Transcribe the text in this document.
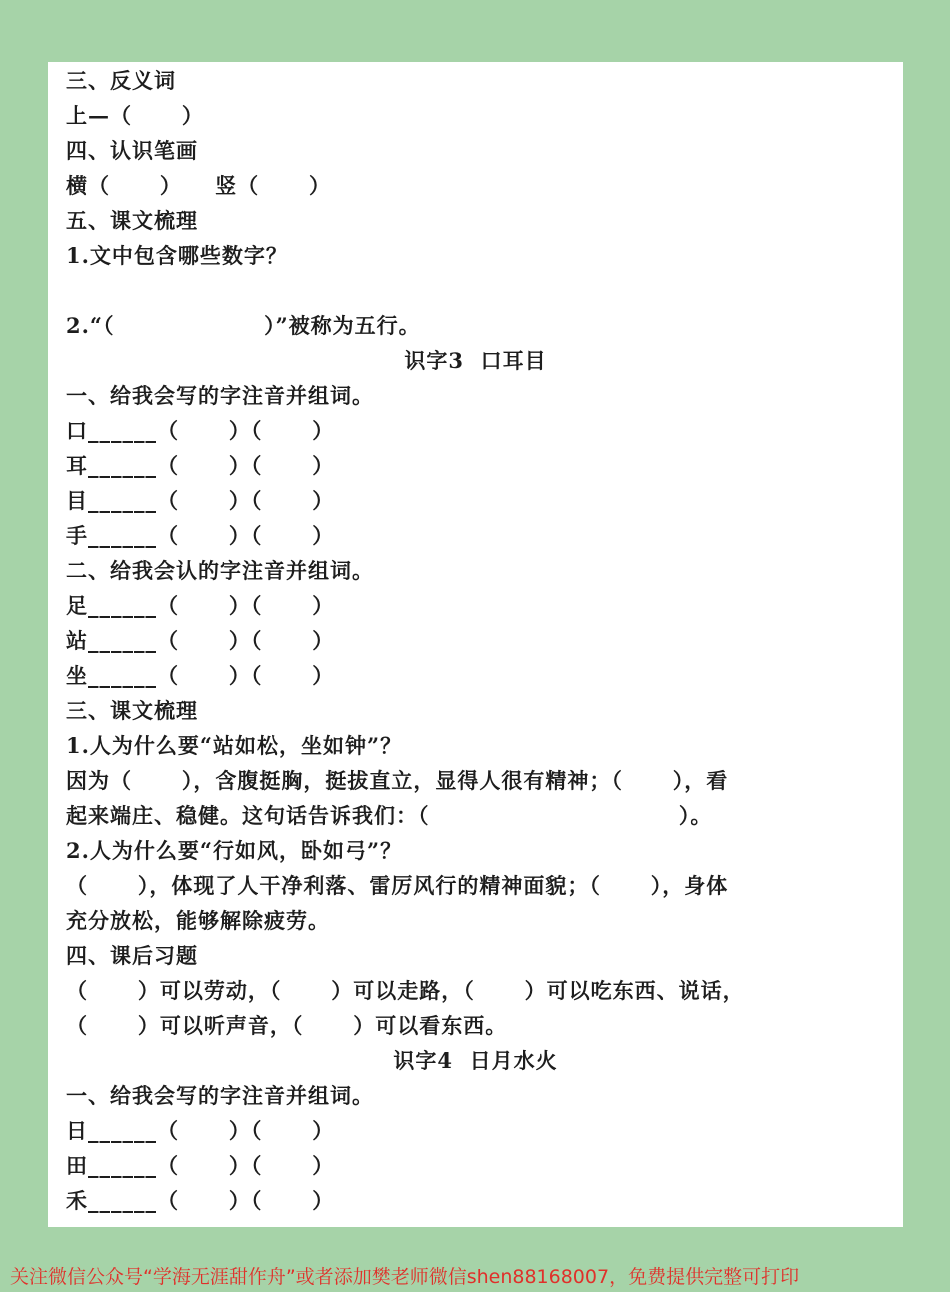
三、反义词
上—（      ）
四、认识笔画
横（      ）    竖（      ）
五、课文梳理
1.文中包含哪些数字？
2.“（                  ）”被称为五行。
识字3  口耳目
一、给我会写的字注音并组词。
口______（      ）（      ）
耳______（      ）（      ）
目______（      ）（      ）
手______（      ）（      ）
二、给我会认的字注音并组词。
足______（      ）（      ）
站______（      ）（      ）
坐______（      ）（      ）
三、课文梳理
1.人为什么要“站如松，坐如钟”？
因为（      ），含腹挺胸，挺拔直立，显得人很有精神；（      ），看
起来端庄、稳健。这句话告诉我们：（                              ）。
2.人为什么要“行如风，卧如弓”？
（      ），体现了人干净利落、雷厉风行的精神面貌；（      ），身体
充分放松，能够解除疲劳。
四、课后习题
（      ）可以劳动，（      ）可以走路，（      ）可以吃东西、说话，
（      ）可以听声音，（      ）可以看东西。
识字4  日月水火
一、给我会写的字注音并组词。
日______（      ）（      ）
田______（      ）（      ）
禾______（      ）（      ）
关注微信公众号“学海无涯甜作舟”或者添加樊老师微信shen88168007，免费提供完整可打印
